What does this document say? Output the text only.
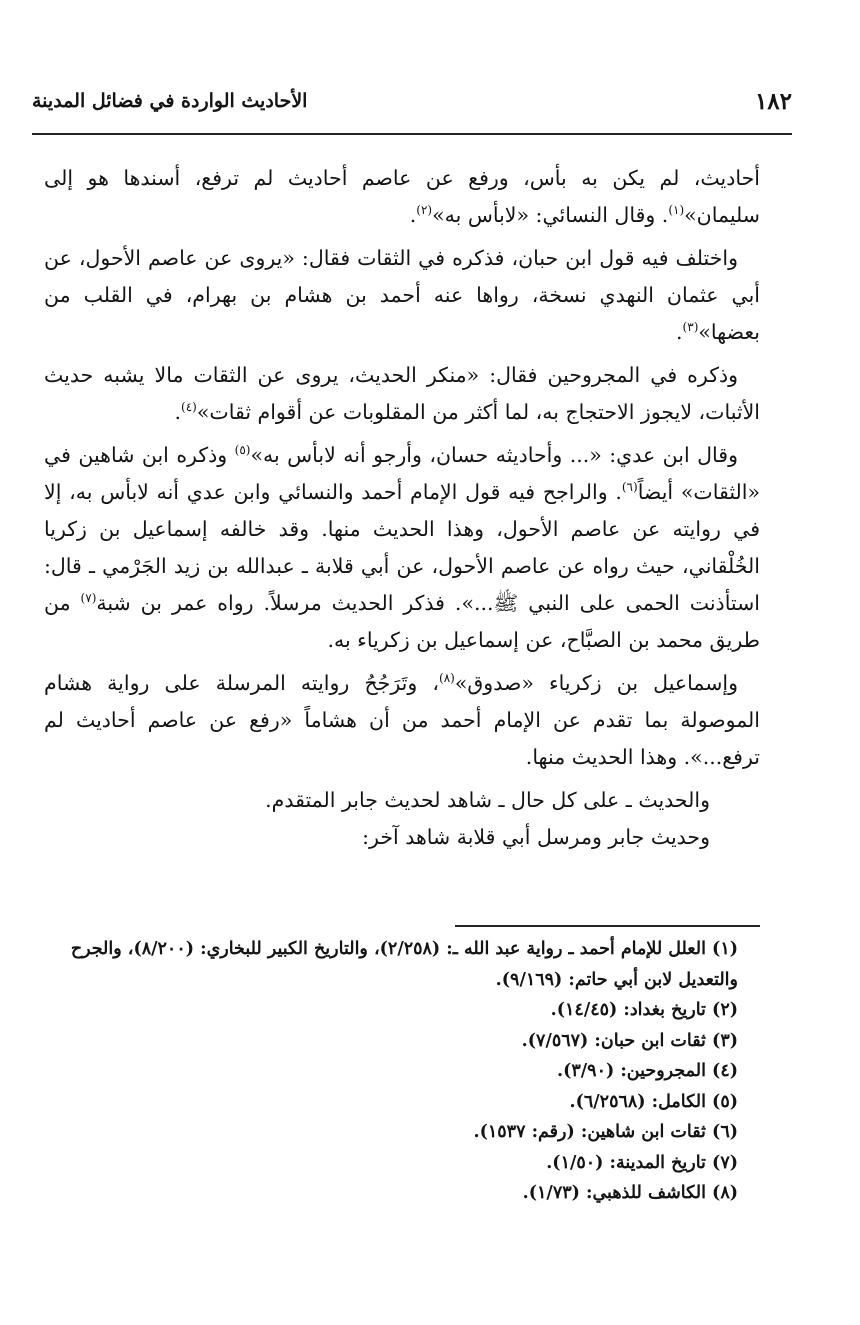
١٨٢
الأحاديث الواردة في فضائل المدينة

أحاديث، لم يكن به بأس، ورفع عن عاصم أحاديث لم ترفع، أسندها هو إلى سليمان»$^{(١)}$. وقال النسائي: «لابأس به»$^{(٢)}$.

واختلف فيه قول ابن حبان، فذكره في الثقات فقال: «يروى عن عاصم الأحول، عن أبي عثمان النهدي نسخة، رواها عنه أحمد بن هشام بن بهرام، في القلب من بعضها»$^{(٣)}$.

وذكره في المجروحين فقال: «منكر الحديث، يروى عن الثقات مالا يشبه حديث الأثبات، لايجوز الاحتجاج به، لما أكثر من المقلوبات عن أقوام ثقات»$^{(٤)}$.

وقال ابن عدي: «... وأحاديثه حسان، وأرجو أنه لابأس به»$^{(٥)}$ وذكره ابن شاهين في «الثقات» أيضاً$^{(٦)}$. والراجح فيه قول الإمام أحمد والنسائي وابن عدي أنه لابأس به، إلا في روايته عن عاصم الأحول، وهذا الحديث منها. وقد خالفه إسماعيل بن زكريا الخُلْقاني، حيث رواه عن عاصم الأحول، عن أبي قلابة ـ عبدالله بن زيد الجَرْمي ـ قال: استأذنت الحمى على النبي ﷺ...». فذكر الحديث مرسلاً. رواه عمر بن شبة$^{(٧)}$ من طريق محمد بن الصبَّاح، عن إسماعيل بن زكرياء به.

وإسماعيل بن زكرياء «صدوق»$^{(٨)}$، وتَرَجُحُ روايته المرسلة على رواية هشام الموصولة بما تقدم عن الإمام أحمد من أن هشاماً «رفع عن عاصم أحاديث لم ترفع...». وهذا الحديث منها.

والحديث ـ على كل حال ـ شاهد لحديث جابر المتقدم.

وحديث جابر ومرسل أبي قلابة شاهد آخر:

(١) العلل للإمام أحمد ـ رواية عبد الله ـ: (٢/٢٥٨)، والتاريخ الكبير للبخاري: (٨/٢٠٠)، والجرح والتعديل لابن أبي حاتم: (٩/١٦٩).

(٢) تاريخ بغداد: (١٤/٤٥).

(٣) ثقات ابن حبان: (٧/٥٦٧).

(٤) المجروحين: (٣/٩٠).

(٥) الكامل: (٦/٢٥٦٨).

(٦) ثقات ابن شاهين: (رقم: ١٥٣٧).

(٧) تاريخ المدينة: (١/٥٠).

(٨) الكاشف للذهبي: (١/٧٣).
